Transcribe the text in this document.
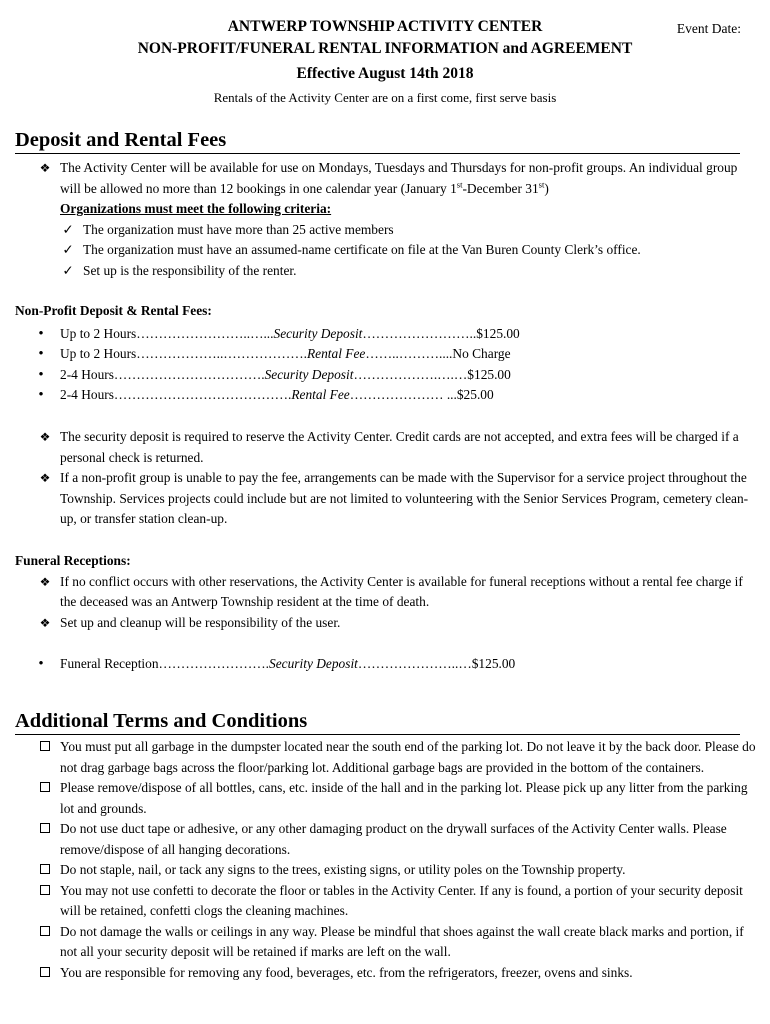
ANTWERP TOWNSHIP ACTIVITY CENTER	Event Date:
NON-PROFIT/FUNERAL RENTAL INFORMATION and AGREEMENT
Effective August 14th 2018
Rentals of the Activity Center are on a first come, first serve basis
Deposit and Rental Fees
❖ The Activity Center will be available for use on Mondays, Tuesdays and Thursdays for non-profit groups. An individual group will be allowed no more than 12 bookings in one calendar year (January 1st-December 31st)
Organizations must meet the following criteria:
✓ The organization must have more than 25 active members
✓ The organization must have an assumed-name certificate on file at the Van Buren County Clerk’s office.
✓ Set up is the responsibility of the renter.
Non-Profit Deposit & Rental Fees:
•	Up to 2 Hours……………………..…...Security Deposit……………………..$125.00
•	Up to 2 Hours………………..……………….Rental Fee……..………....No Charge
•	2-4 Hours…………………………….Security Deposit……………….….…$125.00
•	2-4 Hours………………………………….Rental Fee………………… ...$25.00
❖ The security deposit is required to reserve the Activity Center. Credit cards are not accepted, and extra fees will be charged if a personal check is returned.
❖ If a non-profit group is unable to pay the fee, arrangements can be made with the Supervisor for a service project throughout the Township. Services projects could include but are not limited to volunteering with the Senior Services Program, cemetery clean-up, or transfer station clean-up.
Funeral Receptions:
❖ If no conflict occurs with other reservations, the Activity Center is available for funeral receptions without a rental fee charge if the deceased was an Antwerp Township resident at the time of death.
❖ Set up and cleanup will be responsibility of the user.
•	Funeral Reception…………………….Security Deposit…………………..…$125.00
Additional Terms and Conditions
You must put all garbage in the dumpster located near the south end of the parking lot. Do not leave it by the back door. Please do not drag garbage bags across the floor/parking lot. Additional garbage bags are provided in the bottom of the containers.
Please remove/dispose of all bottles, cans, etc. inside of the hall and in the parking lot. Please pick up any litter from the parking lot and grounds.
Do not use duct tape or adhesive, or any other damaging product on the drywall surfaces of the Activity Center walls. Please remove/dispose of all hanging decorations.
Do not staple, nail, or tack any signs to the trees, existing signs, or utility poles on the Township property.
You may not use confetti to decorate the floor or tables in the Activity Center. If any is found, a portion of your security deposit will be retained, confetti clogs the cleaning machines.
Do not damage the walls or ceilings in any way. Please be mindful that shoes against the wall create black marks and portion, if not all your security deposit will be retained if marks are left on the wall.
You are responsible for removing any food, beverages, etc. from the refrigerators, freezer, ovens and sinks.
